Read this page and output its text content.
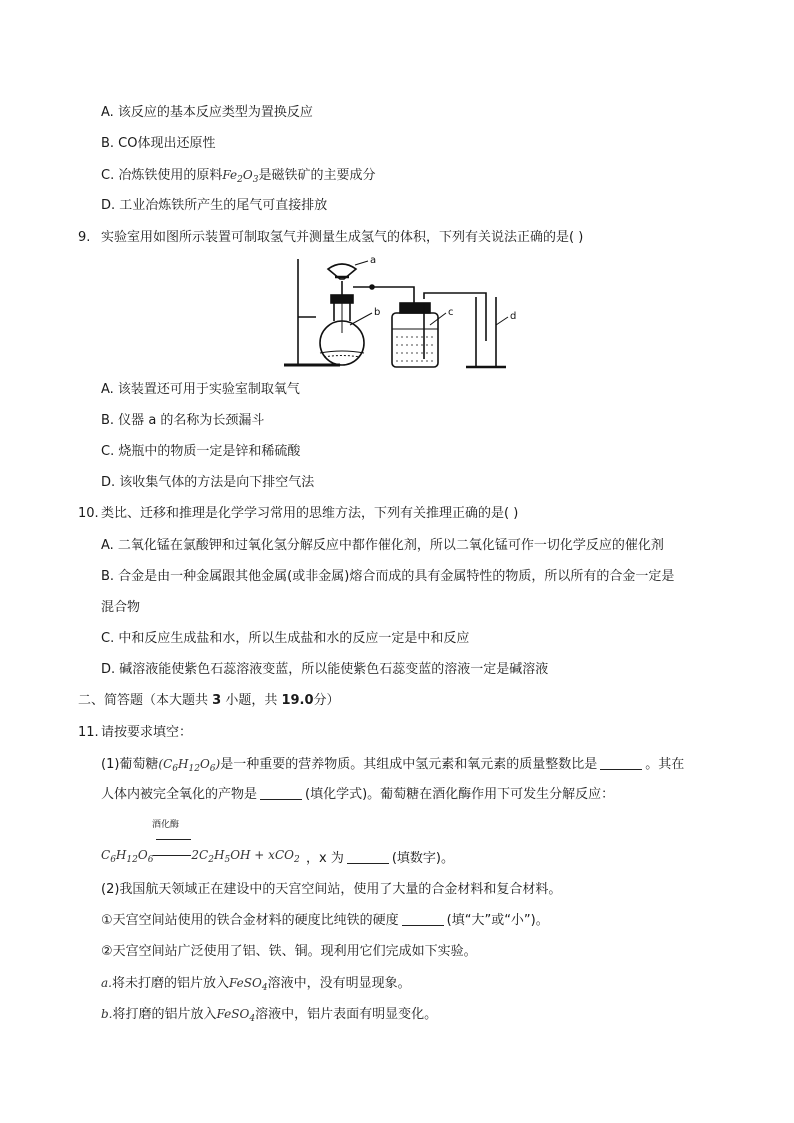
A. 该反应的基本反应类型为置换反应
B. CO体现出还原性
C. 冶炼铁使用的原料$Fe_2O_3$是磁铁矿的主要成分
D. 工业冶炼铁所产生的尾气可直接排放
9. 实验室用如图所示装置可制取氢气并测量生成氢气的体积，下列有关说法正确的是( )
a
b	c	d
A. 该装置还可用于实验室制取氧气
B. 仪器 a 的名称为长颈漏斗
C. 烧瓶中的物质一定是锌和稀硫酸
D. 该收集气体的方法是向下排空气法
10. 类比、迁移和推理是化学学习常用的思维方法，下列有关推理正确的是( )
A. 二氧化锰在氯酸钾和过氧化氢分解反应中都作催化剂，所以二氧化锰可作一切化学反应的催化剂
B. 合金是由一种金属跟其他金属(或非金属)熔合而成的具有金属特性的物质，所以所有的合金一定是
混合物
C. 中和反应生成盐和水，所以生成盐和水的反应一定是中和反应
D. 碱溶液能使紫色石蕊溶液变蓝，所以能使紫色石蕊变蓝的溶液一定是碱溶液
二、简答题（本大题共 3 小题，共 19.0分）
11. 请按要求填空：
(1)葡萄糖$(C_6H_{12}O_6)$是一种重要的营养物质。其组成中氢元素和氧元素的质量整数比是	。其在
人体内被完全氧化的产物是	(填化学式)。葡萄糖在酒化酶作用下可发生分解反应：
酒化酶
$C_6H_{12}O_6$	$2C_2H_5OH + xCO_2$ ，x 为	(填数字)。
(2)我国航天领域正在建设中的天宫空间站，使用了大量的合金材料和复合材料。
①天宫空间站使用的铁合金材料的硬度比纯铁的硬度	(填“大”或“小”)。
②天宫空间站广泛使用了铝、铁、铜。现利用它们完成如下实验。
a.将未打磨的铝片放入FeSO$_4$溶液中，没有明显现象。
b.将打磨的铝片放入FeSO$_4$溶液中，铝片表面有明显变化。
